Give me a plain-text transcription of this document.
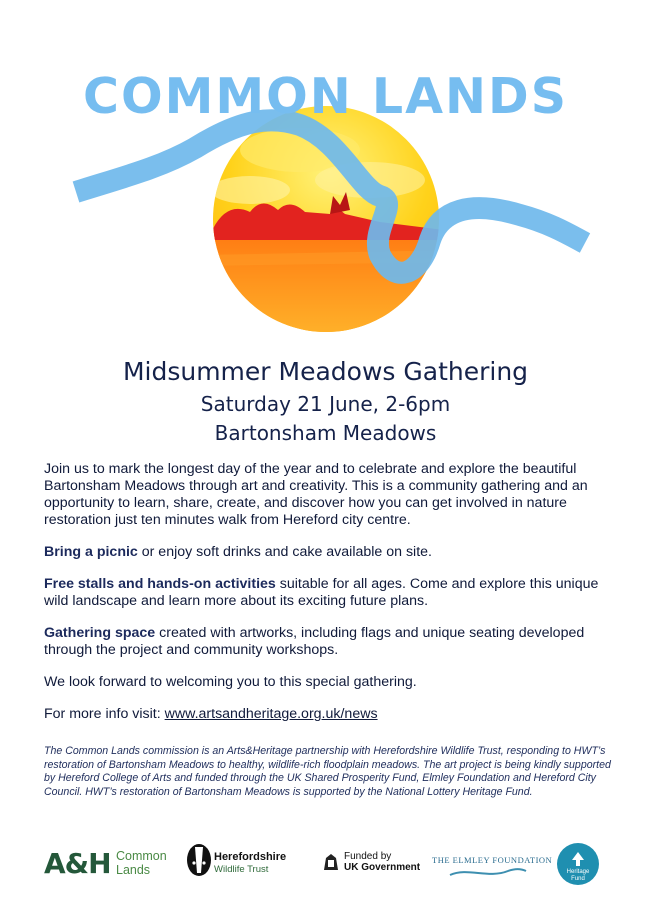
COMMON LANDS
Midsummer Meadows Gathering
Saturday 21 June, 2-6pm
Bartonsham Meadows

Join us to mark the longest day of the year and to celebrate and explore the beautiful Bartonsham Meadows through art and creativity. This is a community gathering and an opportunity to learn, share, create, and discover how you can get involved in nature restoration just ten minutes walk from Hereford city centre.

Bring a picnic or enjoy soft drinks and cake available on site.

Free stalls and hands-on activities suitable for all ages. Come and explore this unique wild landscape and learn more about its exciting future plans.

Gathering space created with artworks, including flags and unique seating developed through the project and community workshops.

We look forward to welcoming you to this special gathering.

For more info visit: www.artsandheritage.org.uk/news

The Common Lands commission is an Arts&Heritage partnership with Herefordshire Wildlife Trust, responding to HWT’s restoration of Bartonsham Meadows to healthy, wildlife-rich floodplain meadows. The art project is being kindly supported by Hereford College of Arts and funded through the UK Shared Prosperity Fund, Elmley Foundation and Hereford City Council. HWT’s restoration of Bartonsham Meadows is supported by the National Lottery Heritage Fund.
A&H Common
Lands
Herefordshire
Wildlife Trust
Funded by
UK Government
THE ELMLEY FOUNDATION
Heritage
Fund
